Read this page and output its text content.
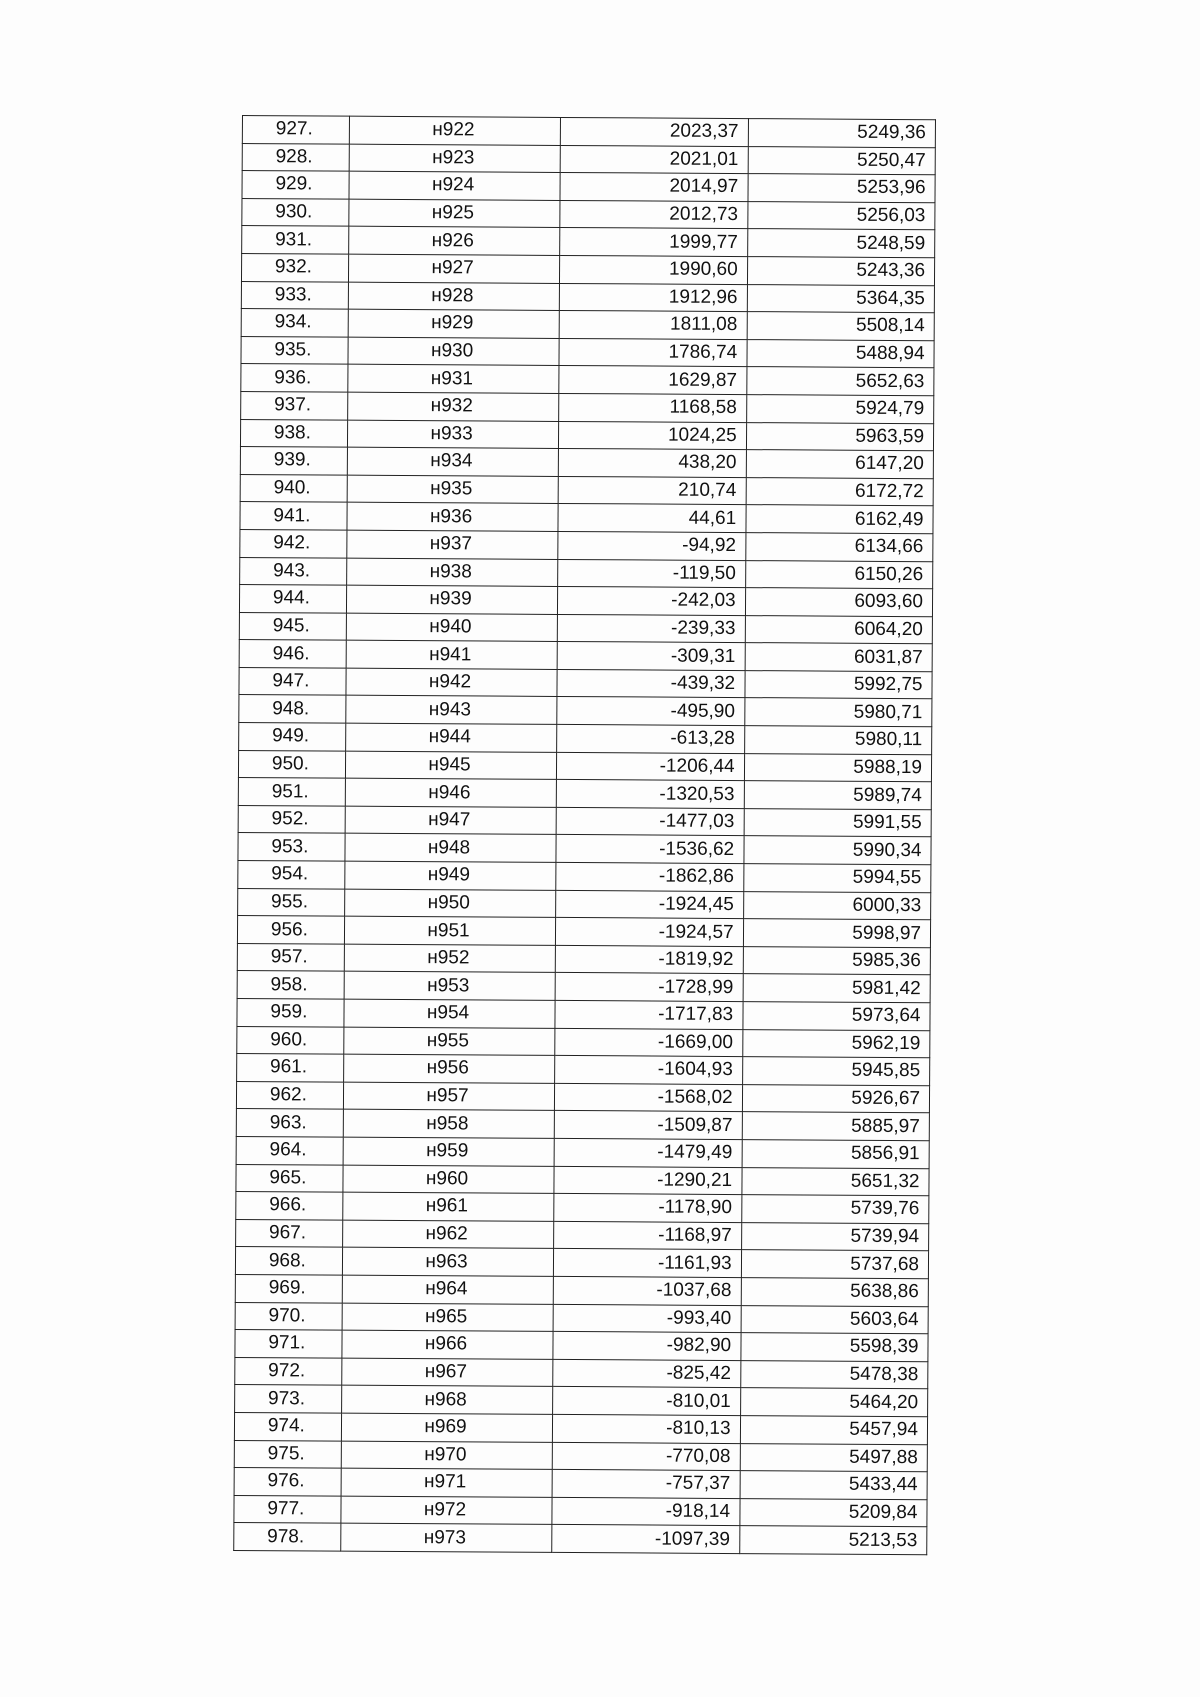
927.	н922	2023,37	5249,36
928.	н923	2021,01	5250,47
929.	н924	2014,97	5253,96
930.	н925	2012,73	5256,03
931.	н926	1999,77	5248,59
932.	н927	1990,60	5243,36
933.	н928	1912,96	5364,35
934.	н929	1811,08	5508,14
935.	н930	1786,74	5488,94
936.	н931	1629,87	5652,63
937.	н932	1168,58	5924,79
938.	н933	1024,25	5963,59
939.	н934	438,20	6147,20
940.	н935	210,74	6172,72
941.	н936	44,61	6162,49
942.	н937	-94,92	6134,66
943.	н938	-119,50	6150,26
944.	н939	-242,03	6093,60
945.	н940	-239,33	6064,20
946.	н941	-309,31	6031,87
947.	н942	-439,32	5992,75
948.	н943	-495,90	5980,71
949.	н944	-613,28	5980,11
950.	н945	-1206,44	5988,19
951.	н946	-1320,53	5989,74
952.	н947	-1477,03	5991,55
953.	н948	-1536,62	5990,34
954.	н949	-1862,86	5994,55
955.	н950	-1924,45	6000,33
956.	н951	-1924,57	5998,97
957.	н952	-1819,92	5985,36
958.	н953	-1728,99	5981,42
959.	н954	-1717,83	5973,64
960.	н955	-1669,00	5962,19
961.	н956	-1604,93	5945,85
962.	н957	-1568,02	5926,67
963.	н958	-1509,87	5885,97
964.	н959	-1479,49	5856,91
965.	н960	-1290,21	5651,32
966.	н961	-1178,90	5739,76
967.	н962	-1168,97	5739,94
968.	н963	-1161,93	5737,68
969.	н964	-1037,68	5638,86
970.	н965	-993,40	5603,64
971.	н966	-982,90	5598,39
972.	н967	-825,42	5478,38
973.	н968	-810,01	5464,20
974.	н969	-810,13	5457,94
975.	н970	-770,08	5497,88
976.	н971	-757,37	5433,44
977.	н972	-918,14	5209,84
978.	н973	-1097,39	5213,53
